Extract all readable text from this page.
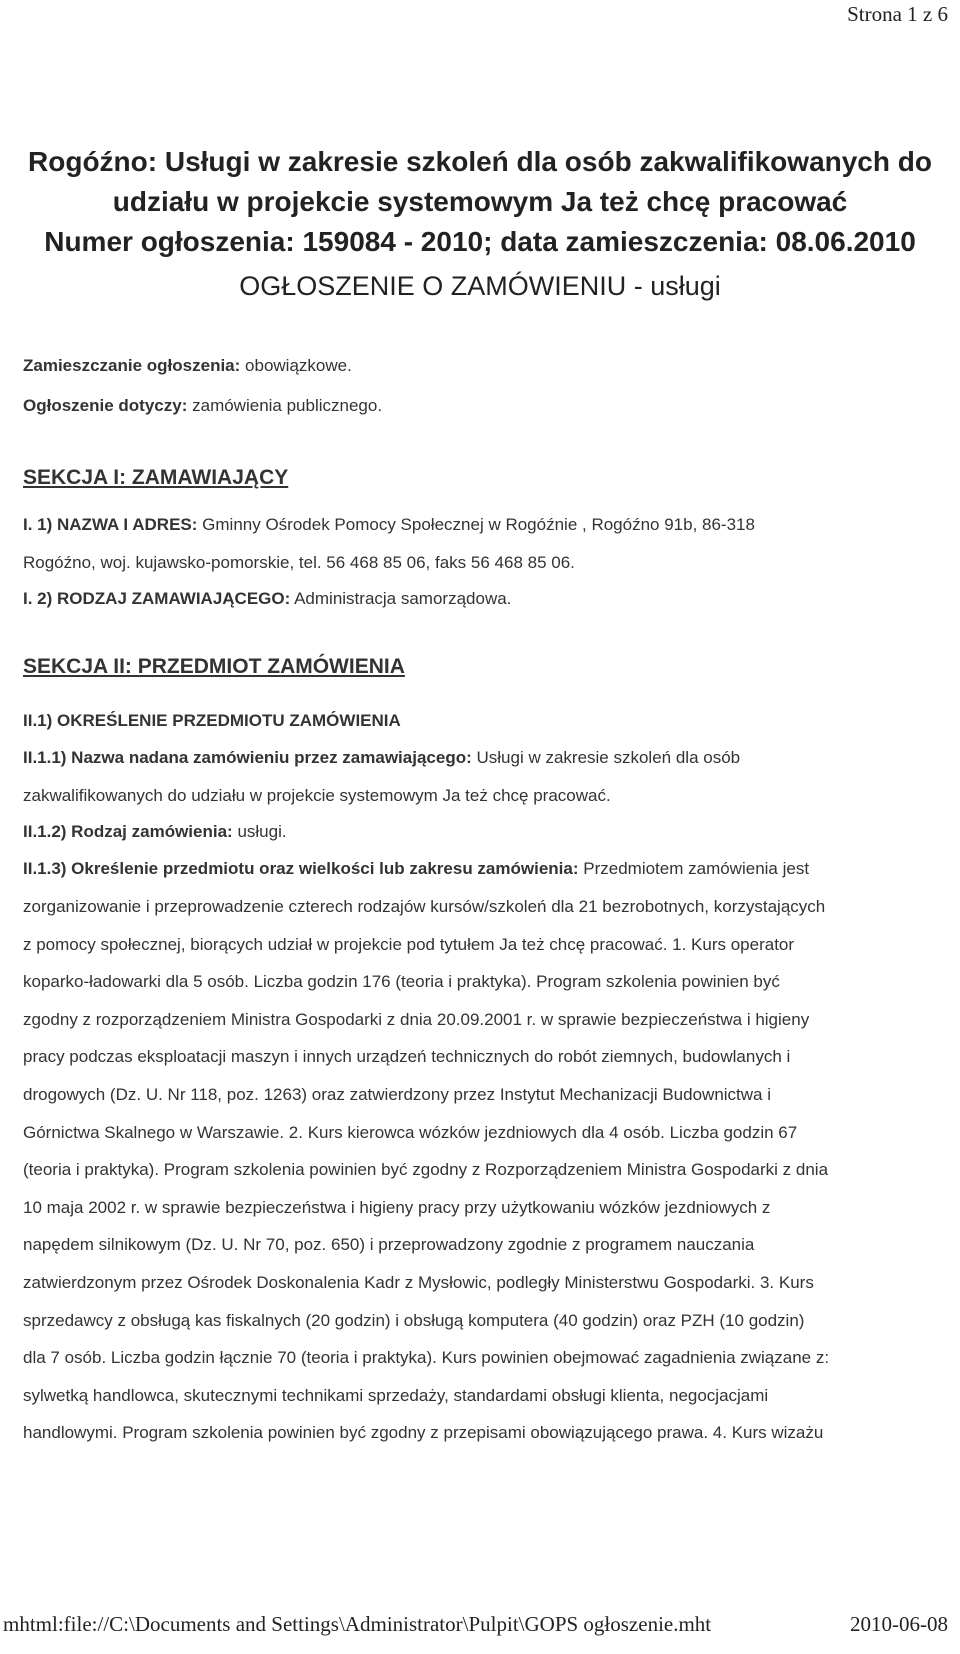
Strona 1 z 6
Rogóźno: Usługi w zakresie szkoleń dla osób zakwalifikowanych do
udziału w projekcie systemowym Ja też chcę pracować
Numer ogłoszenia: 159084 - 2010; data zamieszczenia: 08.06.2010
OGŁOSZENIE O ZAMÓWIENIU - usługi
Zamieszczanie ogłoszenia: obowiązkowe.
Ogłoszenie dotyczy: zamówienia publicznego.
SEKCJA I: ZAMAWIAJĄCY
I. 1) NAZWA I ADRES: Gminny Ośrodek Pomocy Społecznej w Rogóźnie , Rogóźno 91b, 86-318
Rogóźno, woj. kujawsko-pomorskie, tel. 56 468 85 06, faks 56 468 85 06.
I. 2) RODZAJ ZAMAWIAJĄCEGO: Administracja samorządowa.
SEKCJA II: PRZEDMIOT ZAMÓWIENIA
II.1) OKREŚLENIE PRZEDMIOTU ZAMÓWIENIA
II.1.1) Nazwa nadana zamówieniu przez zamawiającego: Usługi w zakresie szkoleń dla osób
zakwalifikowanych do udziału w projekcie systemowym Ja też chcę pracować.
II.1.2) Rodzaj zamówienia: usługi.
II.1.3) Określenie przedmiotu oraz wielkości lub zakresu zamówienia: Przedmiotem zamówienia jest
zorganizowanie i przeprowadzenie czterech rodzajów kursów/szkoleń dla 21 bezrobotnych, korzystających
z pomocy społecznej, biorących udział w projekcie pod tytułem Ja też chcę pracować. 1. Kurs operator
koparko-ładowarki dla 5 osób. Liczba godzin 176 (teoria i praktyka). Program szkolenia powinien być
zgodny z rozporządzeniem Ministra Gospodarki z dnia 20.09.2001 r. w sprawie bezpieczeństwa i higieny
pracy podczas eksploatacji maszyn i innych urządzeń technicznych do robót ziemnych, budowlanych i
drogowych (Dz. U. Nr 118, poz. 1263) oraz zatwierdzony przez Instytut Mechanizacji Budownictwa i
Górnictwa Skalnego w Warszawie. 2. Kurs kierowca wózków jezdniowych dla 4 osób. Liczba godzin 67
(teoria i praktyka). Program szkolenia powinien być zgodny z Rozporządzeniem Ministra Gospodarki z dnia
10 maja 2002 r. w sprawie bezpieczeństwa i higieny pracy przy użytkowaniu wózków jezdniowych z
napędem silnikowym (Dz. U. Nr 70, poz. 650) i przeprowadzony zgodnie z programem nauczania
zatwierdzonym przez Ośrodek Doskonalenia Kadr z Mysłowic, podległy Ministerstwu Gospodarki. 3. Kurs
sprzedawcy z obsługą kas fiskalnych (20 godzin) i obsługą komputera (40 godzin) oraz PZH (10 godzin)
dla 7 osób. Liczba godzin łącznie 70 (teoria i praktyka). Kurs powinien obejmować zagadnienia związane z:
sylwetką handlowca, skutecznymi technikami sprzedaży, standardami obsługi klienta, negocjacjami
handlowymi. Program szkolenia powinien być zgodny z przepisami obowiązującego prawa. 4. Kurs wizażu
mhtml:file://C:\Documents and Settings\Administrator\Pulpit\GOPS ogłoszenie.mht	2010-06-08
